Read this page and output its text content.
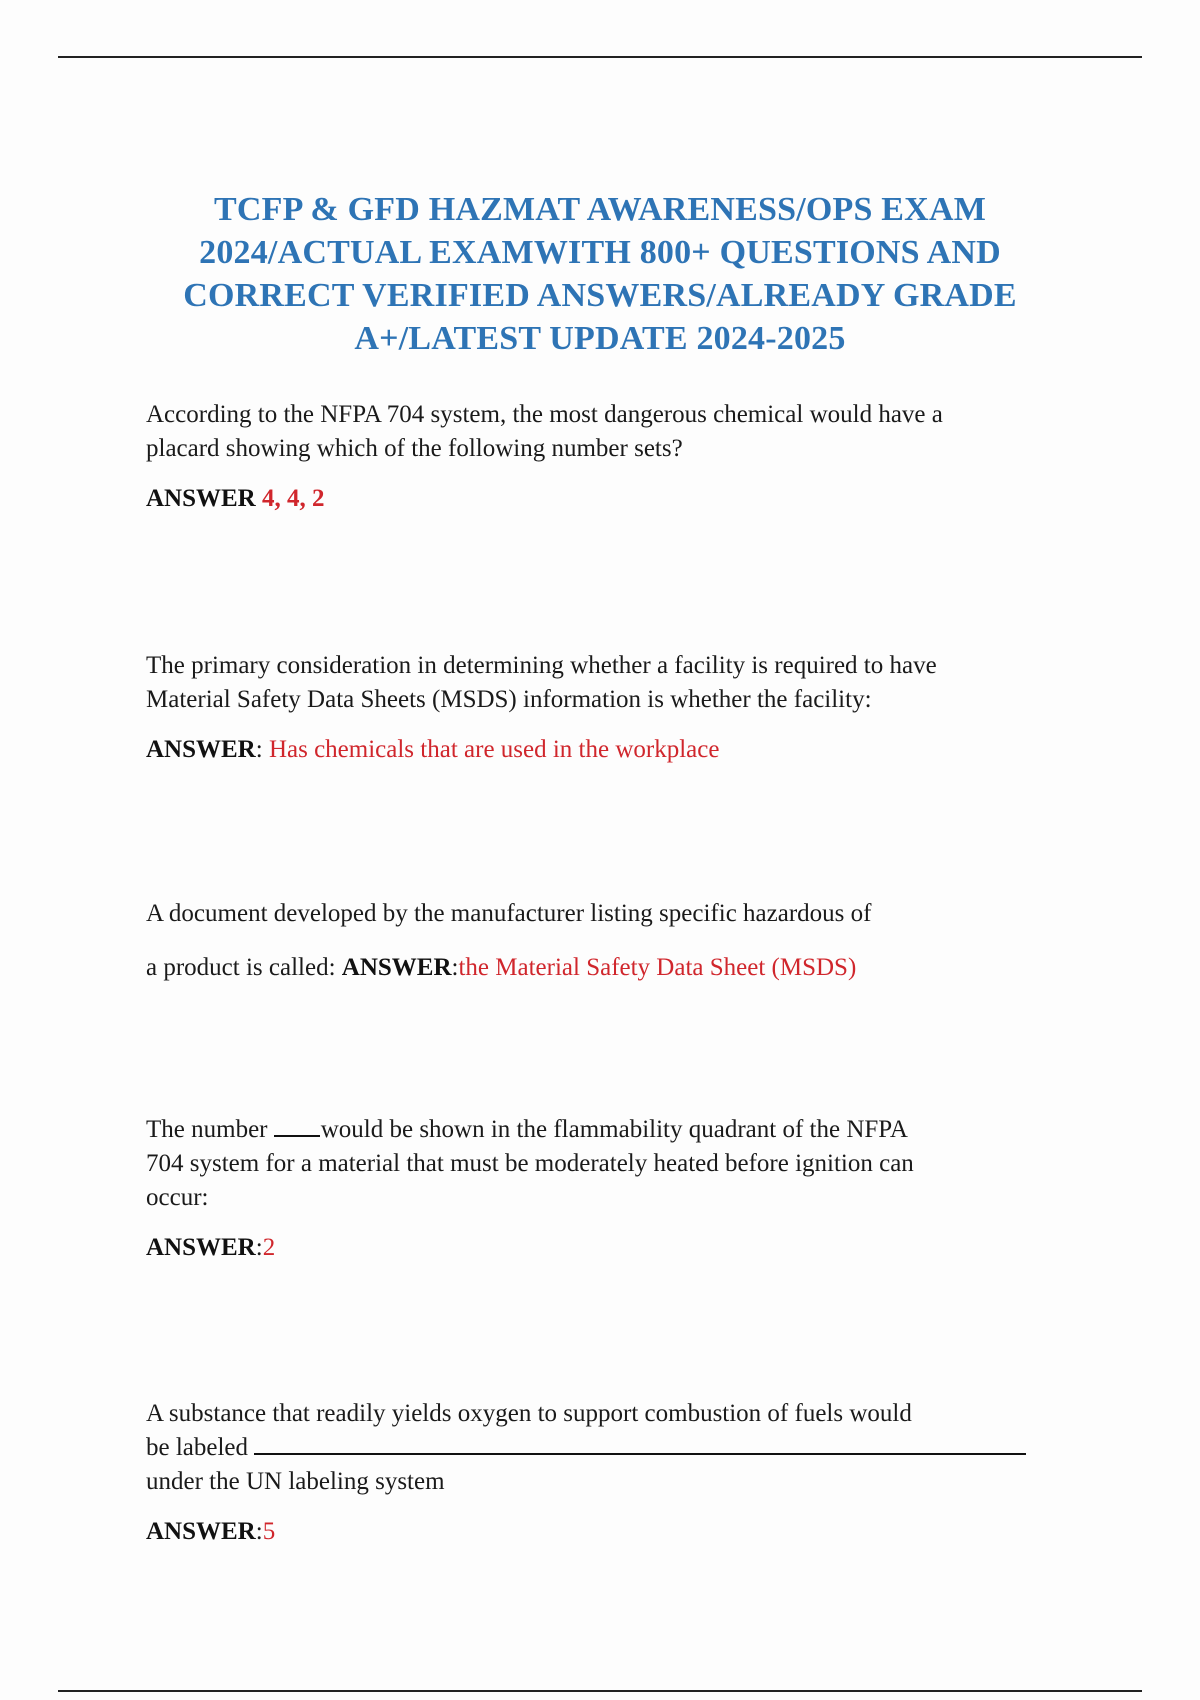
TCFP & GFD HAZMAT AWARENESS/OPS EXAM
2024/ACTUAL EXAMWITH 800+ QUESTIONS AND
CORRECT VERIFIED ANSWERS/ALREADY GRADE
A+/LATEST UPDATE 2024-2025

According to the NFPA 704 system, the most dangerous chemical would have a

placard showing which of the following number sets?

ANSWER 4, 4, 2

The primary consideration in determining whether a facility is required to have

Material Safety Data Sheets (MSDS) information is whether the facility:

ANSWER: Has chemicals that are used in the workplace

A document developed by the manufacturer listing specific hazardous of

a product is called: ANSWER:the Material Safety Data Sheet (MSDS)

The number would be shown in the flammability quadrant of the NFPA

704 system for a material that must be moderately heated before ignition can

occur:

ANSWER:2

A substance that readily yields oxygen to support combustion of fuels would

be labeled

under the UN labeling system

ANSWER:5
